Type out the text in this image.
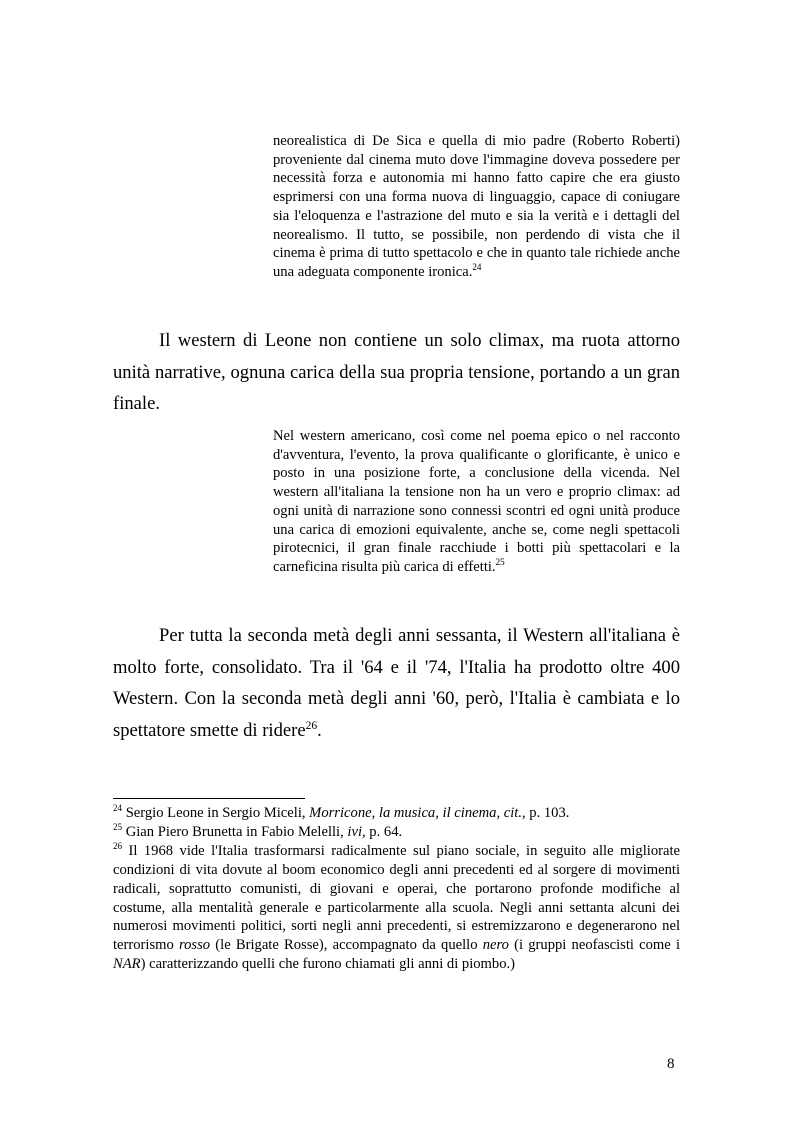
neorealistica di De Sica e quella di mio padre (Roberto Roberti) proveniente dal cinema muto dove l'immagine doveva possedere per necessità forza e autonomia mi hanno fatto capire che era giusto esprimersi con una forma nuova di linguaggio, capace di coniugare sia l'eloquenza e l'astrazione del muto e sia la verità e i dettagli del neorealismo. Il tutto, se possibile, non perdendo di vista che il cinema è prima di tutto spettacolo e che in quanto tale richiede anche una adeguata componente ironica.$^{24}$

Il western di Leone non contiene un solo climax, ma ruota attorno unità narrative, ognuna carica della sua propria tensione, portando a un gran finale.

Nel western americano, così come nel poema epico o nel racconto d'avventura, l'evento, la prova qualificante o glorificante, è unico e posto in una posizione forte, a conclusione della vicenda. Nel western all'italiana la tensione non ha un vero e proprio climax: ad ogni unità di narrazione sono connessi scontri ed ogni unità produce una carica di emozioni equivalente, anche se, come negli spettacoli pirotecnici, il gran finale racchiude i botti più spettacolari e la carneficina risulta più carica di effetti.$^{25}$

Per tutta la seconda metà degli anni sessanta, il Western all'italiana è molto forte, consolidato. Tra il '64 e il '74, l'Italia ha prodotto oltre 400 Western. Con la seconda metà degli anni '60, però, l'Italia è cambiata e lo spettatore smette di ridere$^{26}$.

$^{24}$ Sergio Leone in Sergio Miceli, Morricone, la musica, il cinema, cit., p. 103.

$^{25}$ Gian Piero Brunetta in Fabio Melelli, ivi, p. 64.

$^{26}$ Il 1968 vide l'Italia trasformarsi radicalmente sul piano sociale, in seguito alle migliorate condizioni di vita dovute al boom economico degli anni precedenti ed al sorgere di movimenti radicali, soprattutto comunisti, di giovani e operai, che portarono profonde modifiche al costume, alla mentalità generale e particolarmente alla scuola. Negli anni settanta alcuni dei numerosi movimenti politici, sorti negli anni precedenti, si estremizzarono e degenerarono nel terrorismo rosso (le Brigate Rosse), accompagnato da quello nero (i gruppi neofascisti come i NAR) caratterizzando quelli che furono chiamati gli anni di piombo.)

8
